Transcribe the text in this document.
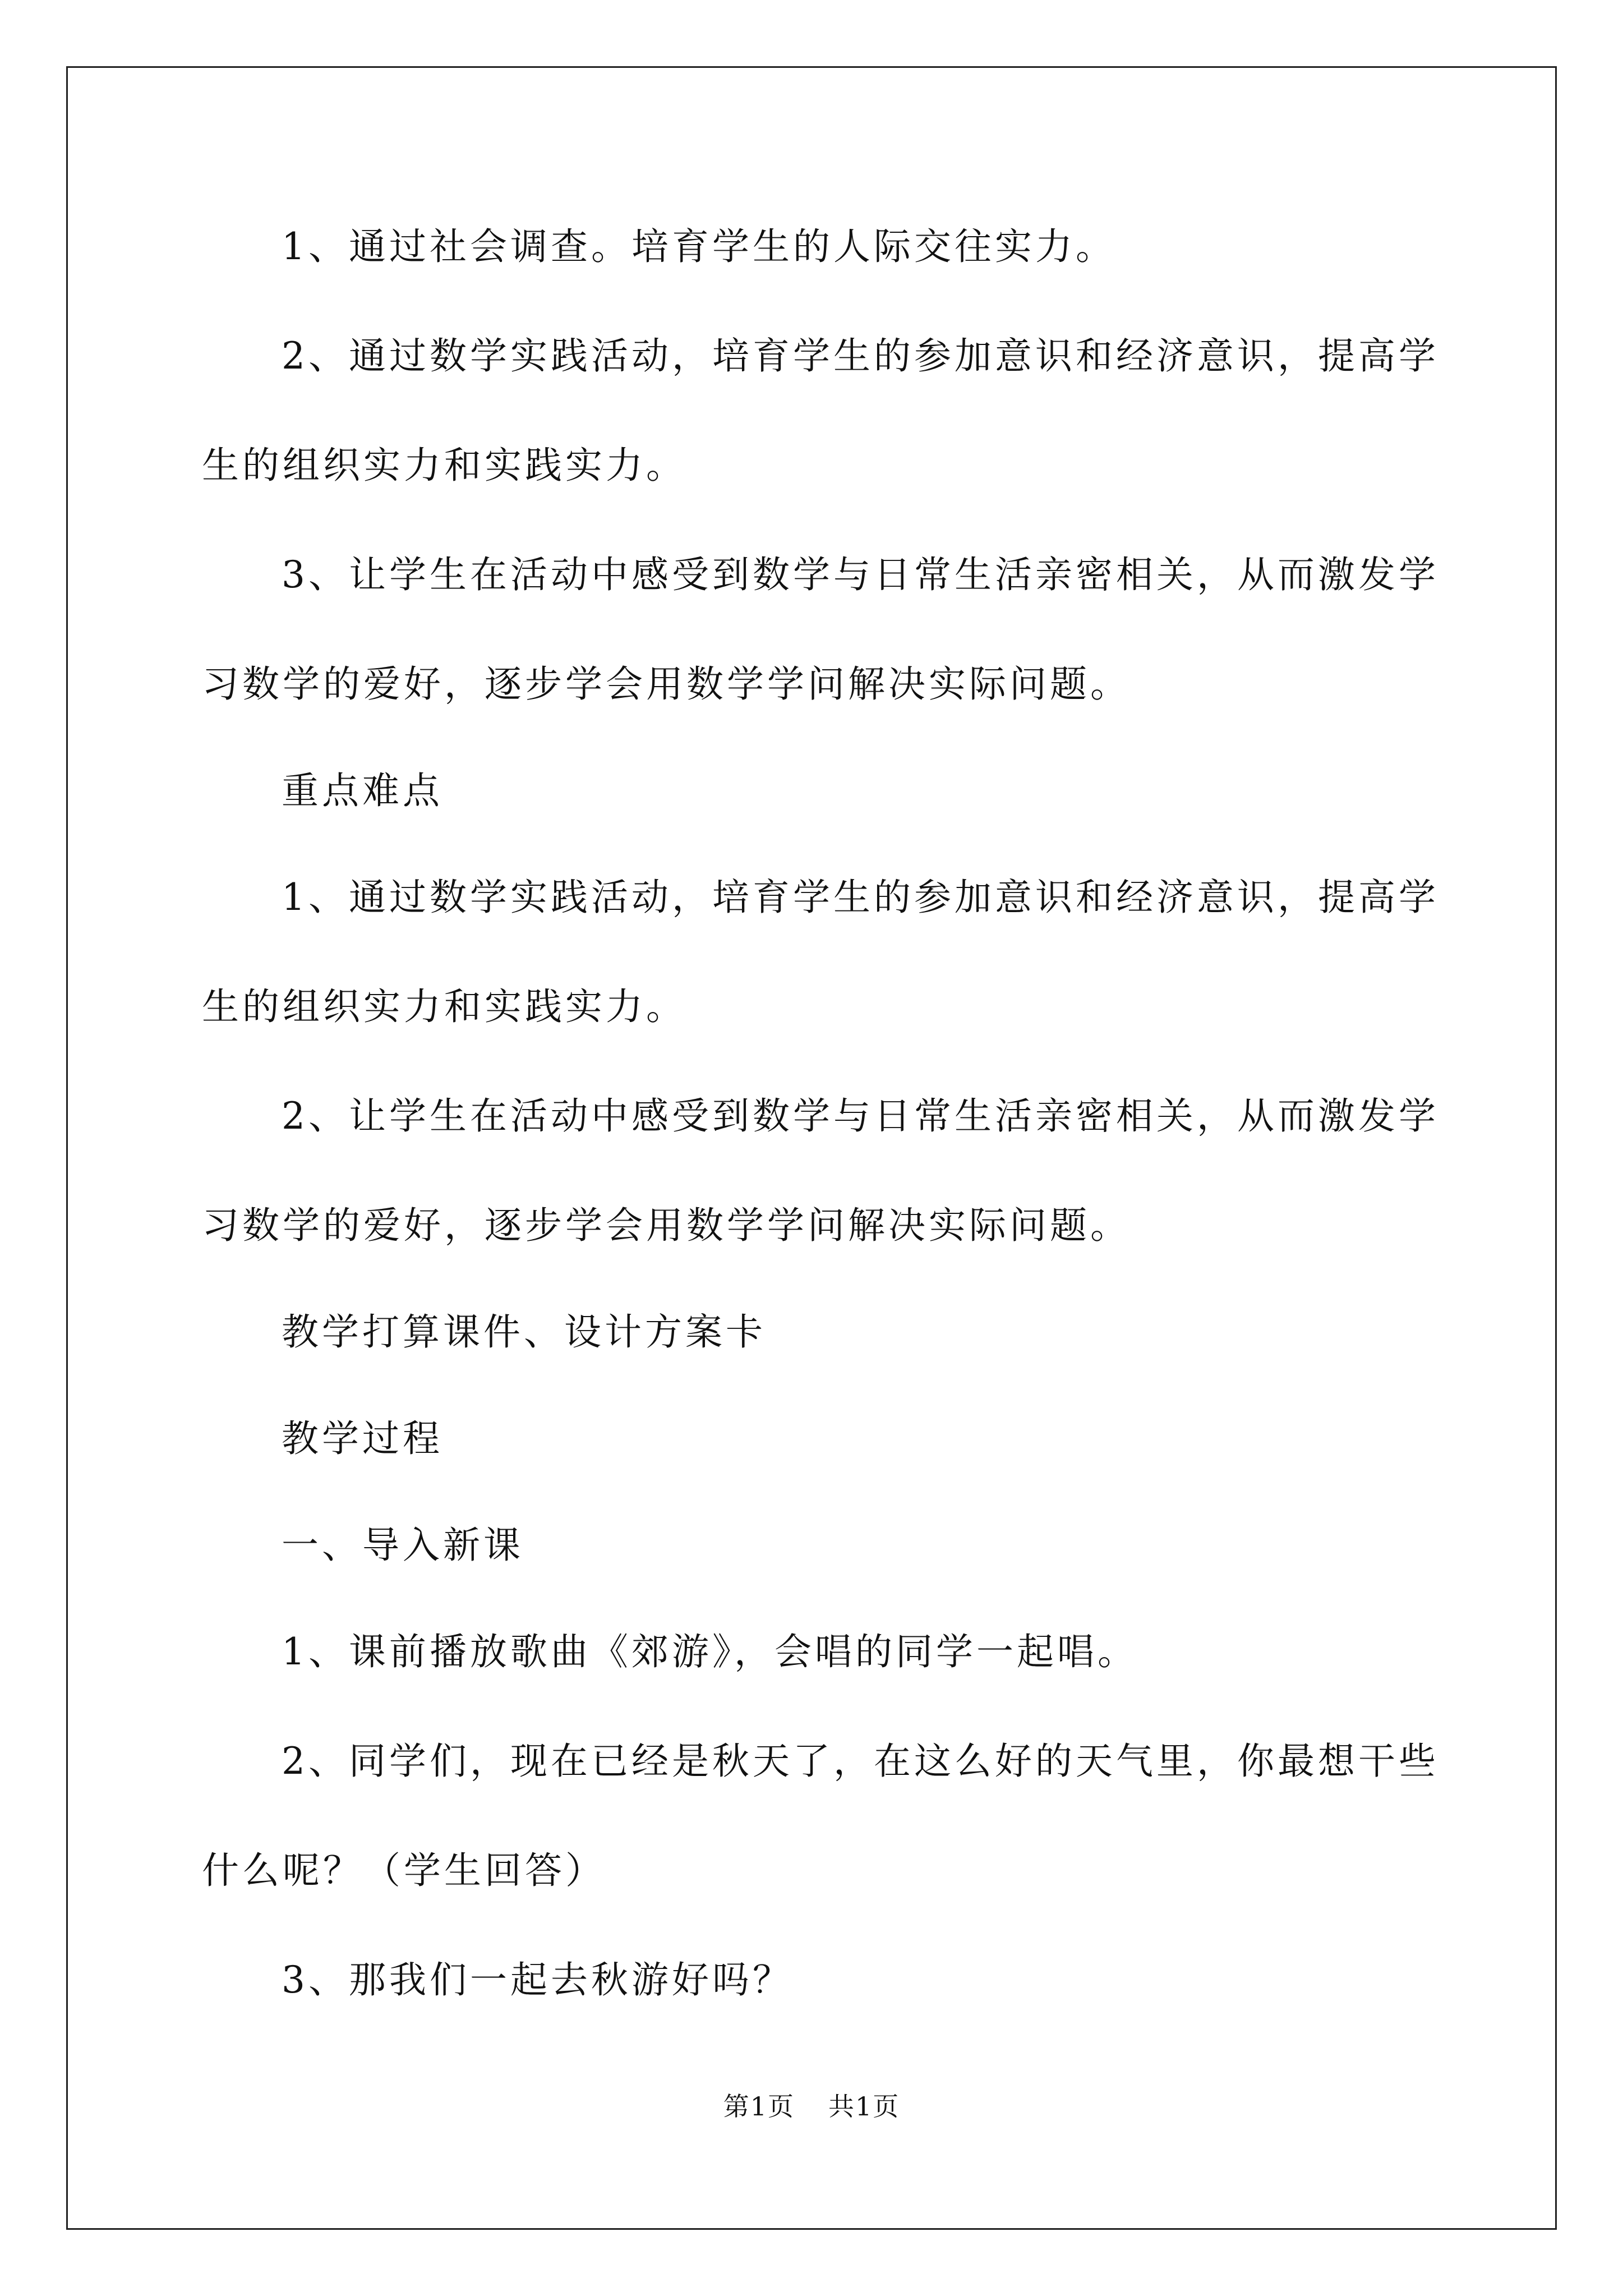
1、通过社会调查。培育学生的人际交往实力。
2、通过数学实践活动，培育学生的参加意识和经济意识，提高学
生的组织实力和实践实力。
3、让学生在活动中感受到数学与日常生活亲密相关，从而激发学
习数学的爱好，逐步学会用数学学问解决实际问题。
重点难点
1、通过数学实践活动，培育学生的参加意识和经济意识，提高学
生的组织实力和实践实力。
2、让学生在活动中感受到数学与日常生活亲密相关，从而激发学
习数学的爱好，逐步学会用数学学问解决实际问题。
教学打算课件、设计方案卡
教学过程
一、导入新课
1、课前播放歌曲《郊游》，会唱的同学一起唱。
2、同学们，现在已经是秋天了，在这么好的天气里，你最想干些
什么呢？（学生回答）
3、那我们一起去秋游好吗？
第1页 共1页
